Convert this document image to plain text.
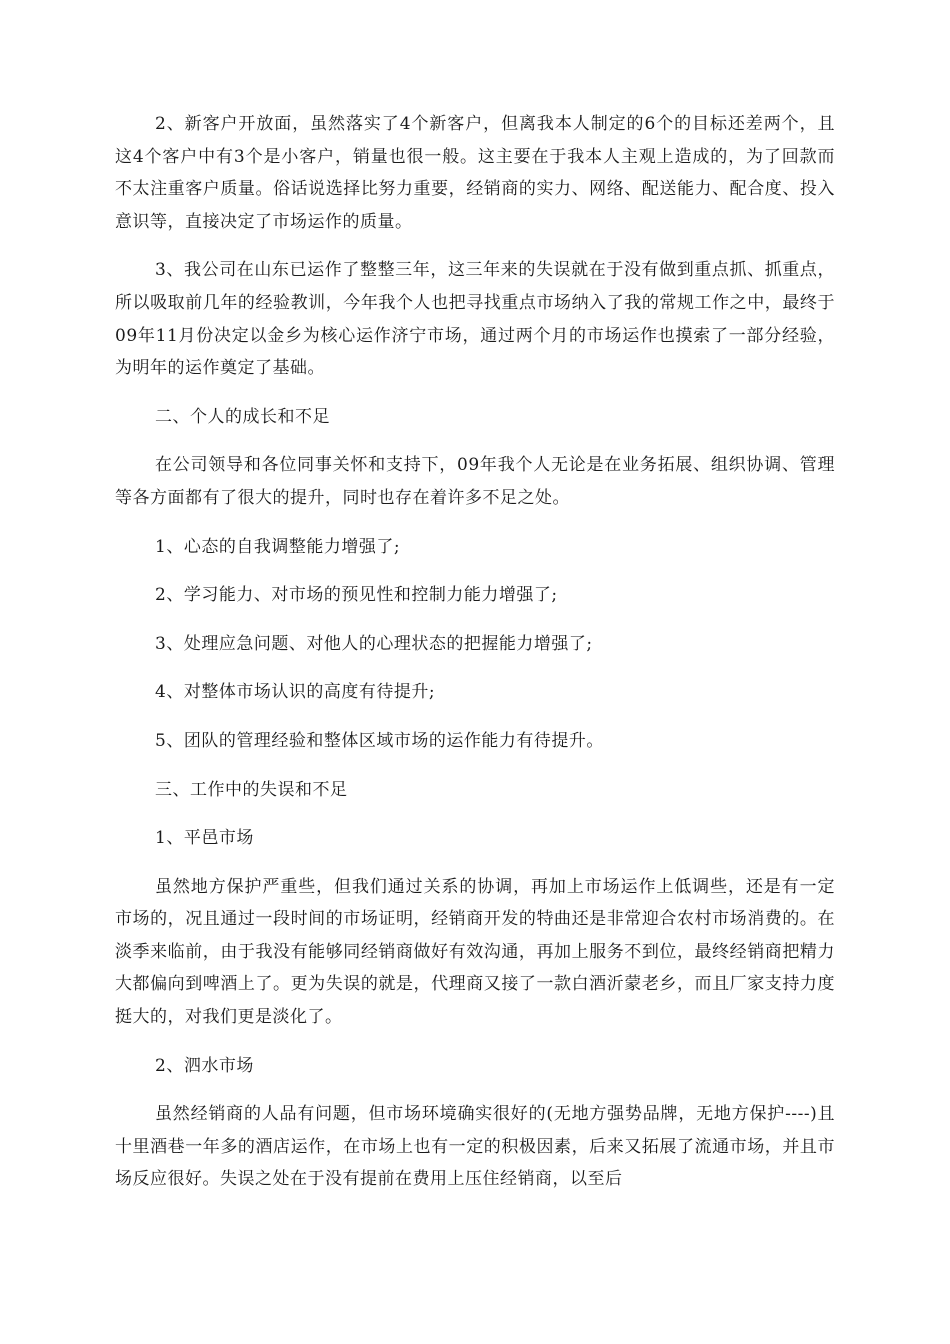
2、新客户开放面，虽然落实了4个新客户，但离我本人制定的6个的目标还差两个，且这4个客户中有3个是小客户，销量也很一般。这主要在于我本人主观上造成的，为了回款而不太注重客户质量。俗话说选择比努力重要，经销商的实力、网络、配送能力、配合度、投入意识等，直接决定了市场运作的质量。

3、我公司在山东已运作了整整三年，这三年来的失误就在于没有做到重点抓、抓重点，所以吸取前几年的经验教训，今年我个人也把寻找重点市场纳入了我的常规工作之中，最终于09年11月份决定以金乡为核心运作济宁市场，通过两个月的市场运作也摸索了一部分经验，为明年的运作奠定了基础。

二、个人的成长和不足

在公司领导和各位同事关怀和支持下，09年我个人无论是在业务拓展、组织协调、管理等各方面都有了很大的提升，同时也存在着许多不足之处。

1、心态的自我调整能力增强了;

2、学习能力、对市场的预见性和控制力能力增强了;

3、处理应急问题、对他人的心理状态的把握能力增强了;

4、对整体市场认识的高度有待提升;

5、团队的管理经验和整体区域市场的运作能力有待提升。

三、工作中的失误和不足

1、平邑市场

虽然地方保护严重些，但我们通过关系的协调，再加上市场运作上低调些，还是有一定市场的，况且通过一段时间的市场证明，经销商开发的特曲还是非常迎合农村市场消费的。在淡季来临前，由于我没有能够同经销商做好有效沟通，再加上服务不到位，最终经销商把精力大都偏向到啤酒上了。更为失误的就是，代理商又接了一款白酒沂蒙老乡，而且厂家支持力度挺大的，对我们更是淡化了。

2、泗水市场

虽然经销商的人品有问题，但市场环境确实很好的(无地方强势品牌，无地方保护----)且十里酒巷一年多的酒店运作，在市场上也有一定的积极因素，后来又拓展了流通市场，并且市场反应很好。失误之处在于没有提前在费用上压住经销商，以至后
